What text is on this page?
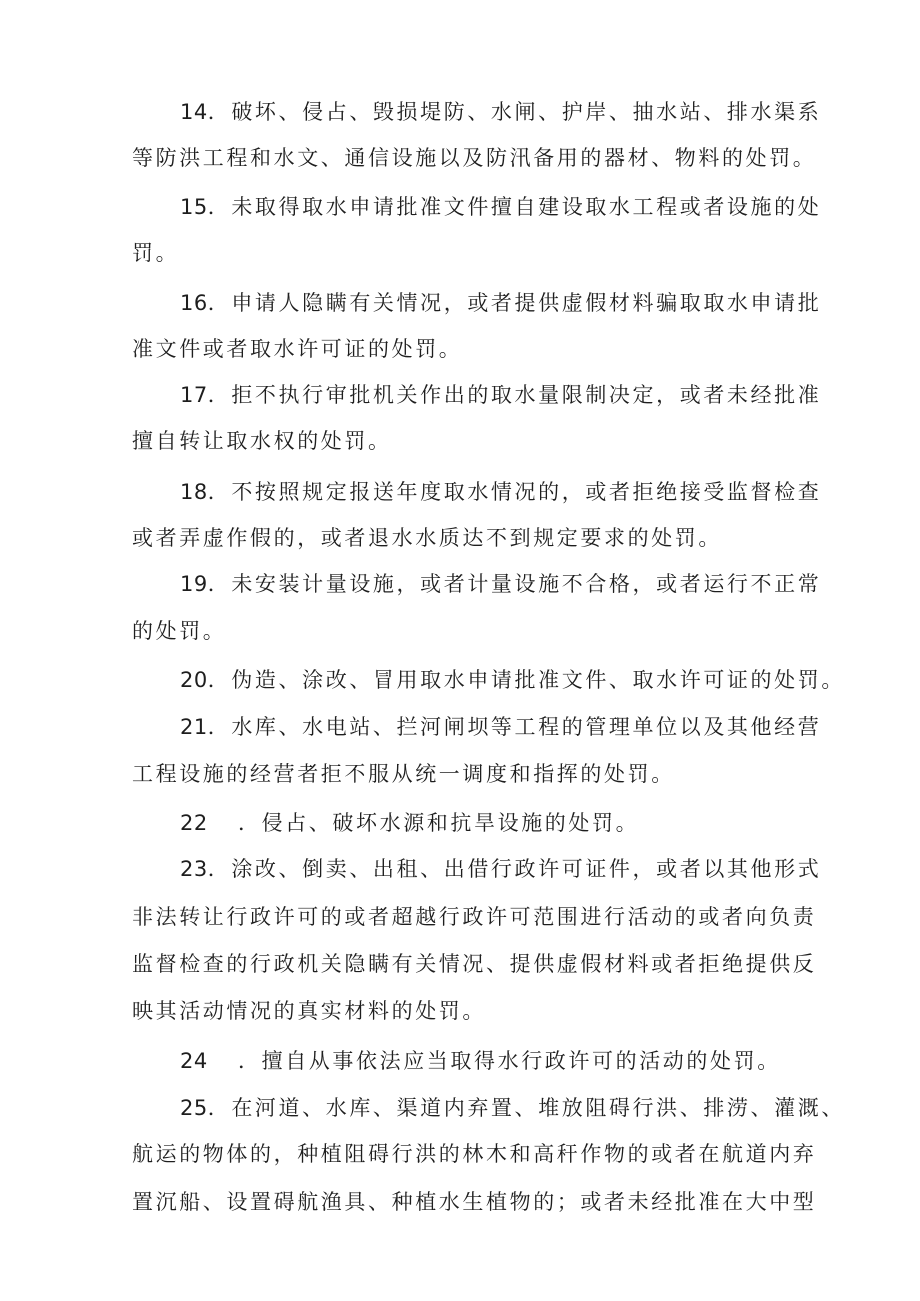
14．破坏、侵占、毁损堤防、水闸、护岸、抽水站、排水渠系
等防洪工程和水文、通信设施以及防汛备用的器材、物料的处罚。
15．未取得取水申请批准文件擅自建设取水工程或者设施的处
罚。
16．申请人隐瞒有关情况，或者提供虚假材料骗取取水申请批
准文件或者取水许可证的处罚。
17．拒不执行审批机关作出的取水量限制决定，或者未经批准
擅自转让取水权的处罚。
18．不按照规定报送年度取水情况的，或者拒绝接受监督检查
或者弄虚作假的，或者退水水质达不到规定要求的处罚。
19．未安装计量设施，或者计量设施不合格，或者运行不正常
的处罚。
20．伪造、涂改、冒用取水申请批准文件、取水许可证的处罚。
21．水库、水电站、拦河闸坝等工程的管理单位以及其他经营
工程设施的经营者拒不服从统一调度和指挥的处罚。
22 ．侵占、破坏水源和抗旱设施的处罚。
23．涂改、倒卖、出租、出借行政许可证件，或者以其他形式
非法转让行政许可的或者超越行政许可范围进行活动的或者向负责
监督检查的行政机关隐瞒有关情况、提供虚假材料或者拒绝提供反
映其活动情况的真实材料的处罚。
24 ．擅自从事依法应当取得水行政许可的活动的处罚。
25．在河道、水库、渠道内弃置、堆放阻碍行洪、排涝、灌溉、
航运的物体的，种植阻碍行洪的林木和高秆作物的或者在航道内弃
置沉船、设置碍航渔具、种植水生植物的；或者未经批准在大中型
